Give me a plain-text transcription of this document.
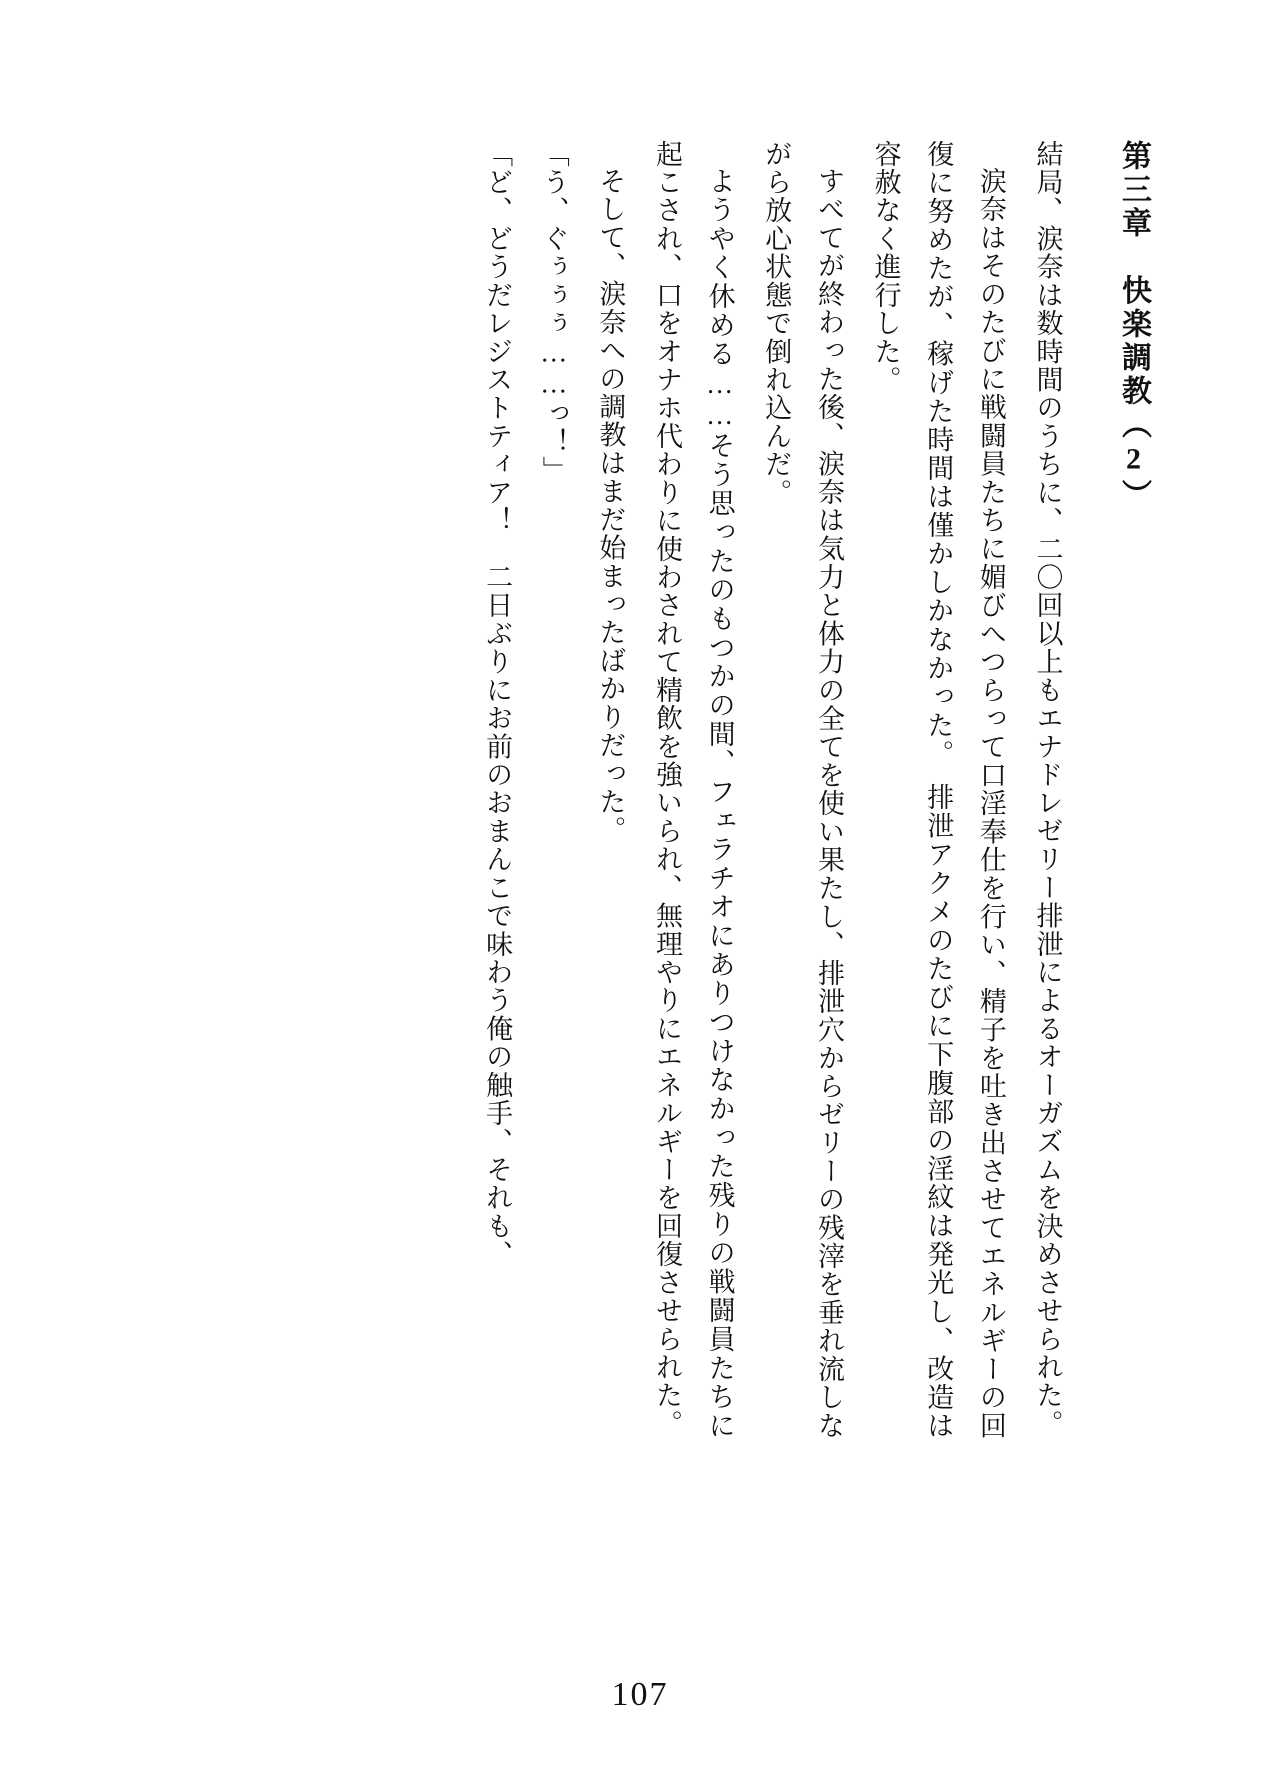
第三章　快楽調教（2）
結局、涙奈は数時間のうちに、二〇回以上もエナドレゼリー排泄によるオーガズムを決めさせられた。
涙奈はそのたびに戦闘員たちに媚びへつらって口淫奉仕を行い、精子を吐き出させてエネルギーの回復に努めたが、稼げた時間は僅かしかなかった。　排泄アクメのたびに下腹部の淫紋は発光し、改造は容赦なく進行した。
すべてが終わった後、涙奈は気力と体力の全てを使い果たし、排泄穴からゼリーの残滓を垂れ流しながら放心状態で倒れ込んだ。
ようやく休める……そう思ったのもつかの間、フェラチオにありつけなかった残りの戦闘員たちに起こされ、口をオナホ代わりに使わされて精飲を強いられ、無理やりにエネルギーを回復させられた。
そして、涙奈への調教はまだ始まったばかりだった。
「う、ぐぅぅぅ……っ！」
「ど、どうだレジストティア！　二日ぶりにお前のおまんこで味わう俺の触手、それも、
107
